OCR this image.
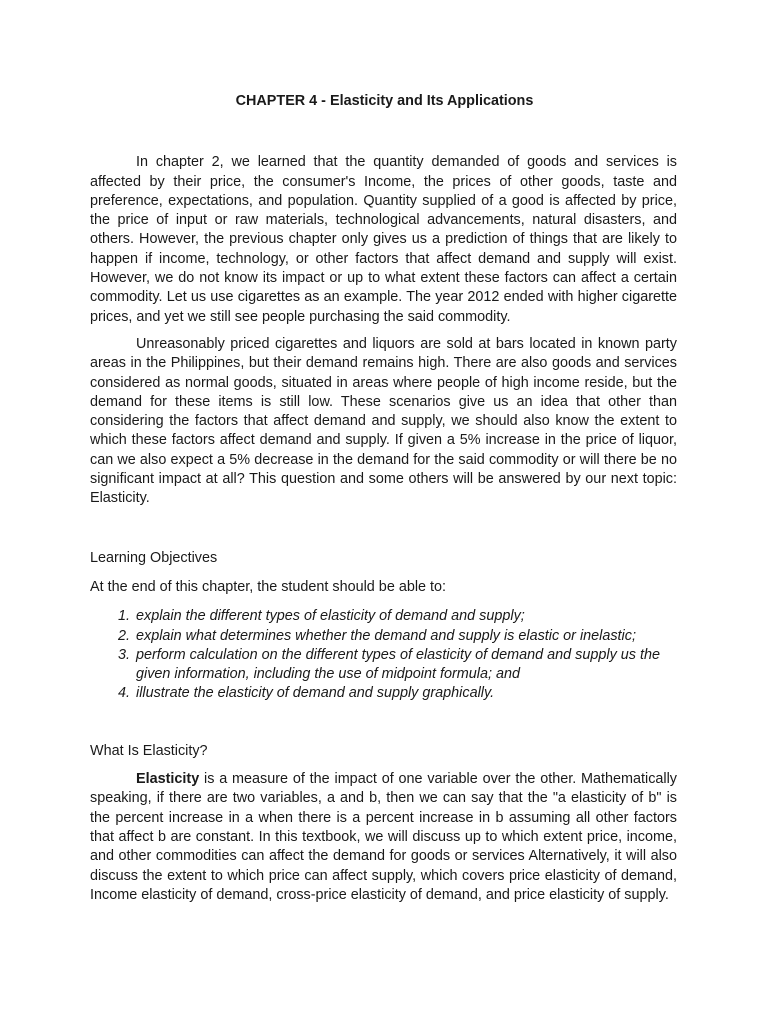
CHAPTER 4 - Elasticity and Its Applications

In chapter 2, we learned that the quantity demanded of goods and services is affected by their price, the consumer's Income, the prices of other goods, taste and preference, expectations, and population. Quantity supplied of a good is affected by price, the price of input or raw materials, technological advancements, natural disasters, and others. However, the previous chapter only gives us a prediction of things that are likely to happen if income, technology, or other factors that affect demand and supply will exist. However, we do not know its impact or up to what extent these factors can affect a certain commodity. Let us use cigarettes as an example. The year 2012 ended with higher cigarette prices, and yet we still see people purchasing the said commodity.

Unreasonably priced cigarettes and liquors are sold at bars located in known party areas in the Philippines, but their demand remains high. There are also goods and services considered as normal goods, situated in areas where people of high income reside, but the demand for these items is still low. These scenarios give us an idea that other than considering the factors that affect demand and supply, we should also know the extent to which these factors affect demand and supply. If given a 5% increase in the price of liquor, can we also expect a 5% decrease in the demand for the said commodity or will there be no significant impact at all? This question and some others will be answered by our next topic: Elasticity.

Learning Objectives

At the end of this chapter, the student should be able to:

1. explain the different types of elasticity of demand and supply;
2. explain what determines whether the demand and supply is elastic or inelastic;
3. perform calculation on the different types of elasticity of demand and supply us the given information, including the use of midpoint formula; and
4. illustrate the elasticity of demand and supply graphically.
What Is Elasticity?

Elasticity is a measure of the impact of one variable over the other. Mathematically speaking, if there are two variables, a and b, then we can say that the "a elasticity of b" is the percent increase in a when there is a percent increase in b assuming all other factors that affect b are constant. In this textbook, we will discuss up to which extent price, income, and other commodities can affect the demand for goods or services Alternatively, it will also discuss the extent to which price can affect supply, which covers price elasticity of demand, Income elasticity of demand, cross-price elasticity of demand, and price elasticity of supply.
